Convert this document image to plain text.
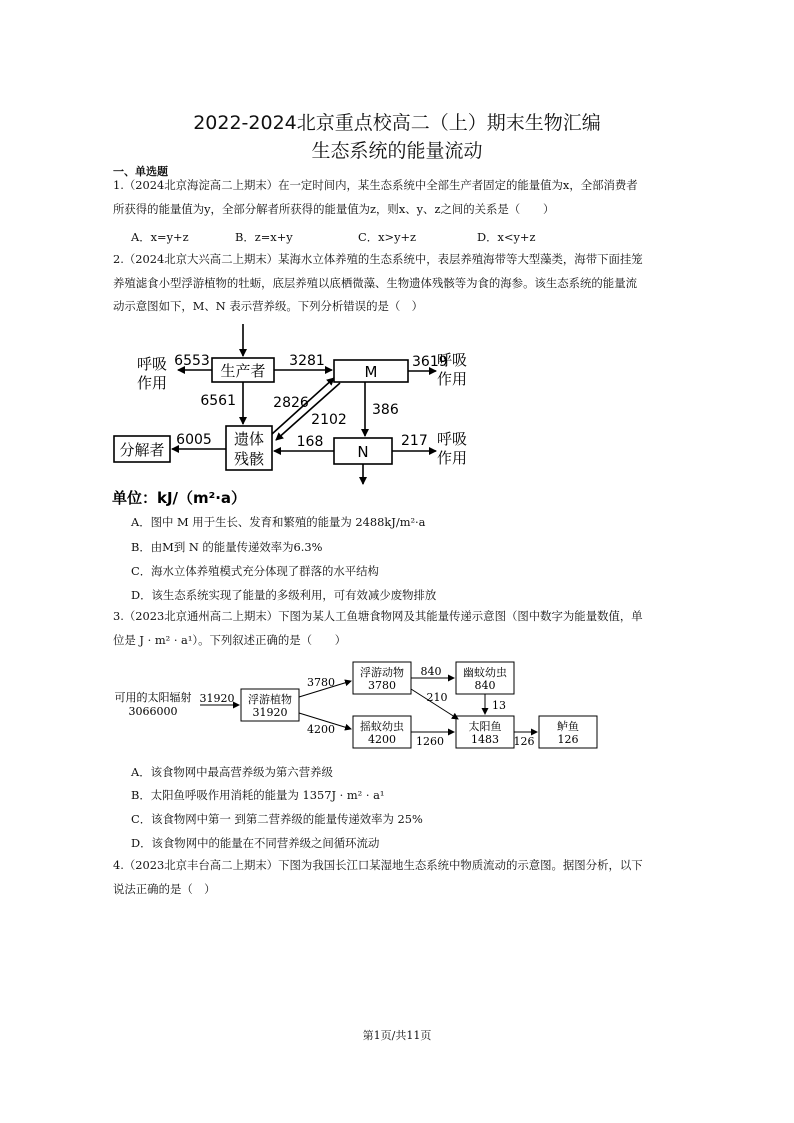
2022-2024北京重点校高二（上）期末生物汇编
生态系统的能量流动
一、单选题
1.（2024北京海淀高二上期末）在一定时间内，某生态系统中全部生产者固定的能量值为x，全部消费者
所获得的能量值为y，全部分解者所获得的能量值为z，则x、y、z之间的关系是（　　）
A．x=y+z	B．z=x+y	C．x>y+z	D．x<y+z
2.（2024北京大兴高二上期末）某海水立体养殖的生态系统中，表层养殖海带等大型藻类，海带下面挂笼
养殖滤食小型浮游植物的牡蛎，底层养殖以底栖微藻、生物遗体残骸等为食的海参。该生态系统的能量流
动示意图如下，M、N 表示营养级。下列分析错误的是（　）
生产者	M
N
遗体
残骸
分解者
呼吸
作用
呼吸
作用
呼吸
作用
6553	3281	3619
6561	2826
2102
386
168	217
6005
单位：kJ/（m²·a）
A．图中 M 用于生长、发育和繁殖的能量为 2488kJ/m²·a
B．由M到 N 的能量传递效率为6.3%
C．海水立体养殖模式充分体现了群落的水平结构
D．该生态系统实现了能量的多级利用，可有效减少废物排放
3.（2023北京通州高二上期末）下图为某人工鱼塘食物网及其能量传递示意图（图中数字为能量数值，单
位是 J · m² · a¹）。下列叙述正确的是（　　）
可用的太阳辐射
3066000
31920 浮游植物
31920
浮游动物
3780
摇蚊幼虫
4200
幽蚊幼虫
840
太阳鱼
1483
鲈鱼
126
3780
4200
840
210
13
1260	126
A．该食物网中最高营养级为第六营养级
B．太阳鱼呼吸作用消耗的能量为 1357J · m² · a¹
C．该食物网中第一 到第二营养级的能量传递效率为 25%
D．该食物网中的能量在不同营养级之间循环流动
4.（2023北京丰台高二上期末）下图为我国长江口某湿地生态系统中物质流动的示意图。据图分析，以下
说法正确的是（　）
第1页/共11页
